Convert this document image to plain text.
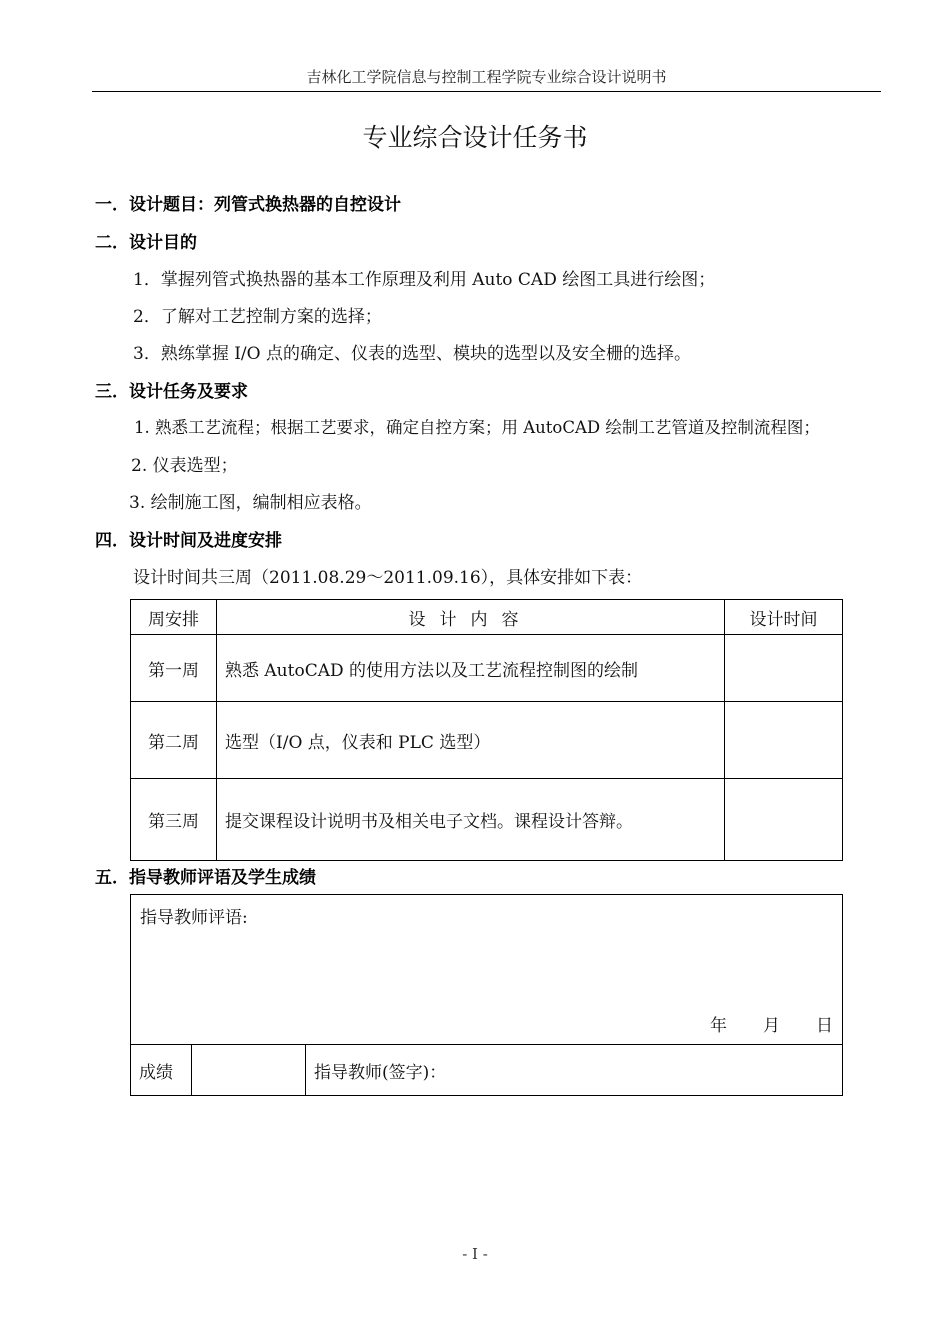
吉林化工学院信息与控制工程学院专业综合设计说明书
专业综合设计任务书
一．设计题目：列管式换热器的自控设计
二．设计目的
1．掌握列管式换热器的基本工作原理及利用 Auto CAD 绘图工具进行绘图；
2．了解对工艺控制方案的选择；
3．熟练掌握 I/O 点的确定、仪表的选型、模块的选型以及安全栅的选择。
三．设计任务及要求
1. 熟悉工艺流程；根据工艺要求，确定自控方案；用 AutoCAD 绘制工艺管道及控制流程图；
2. 仪表选型；
3. 绘制施工图，编制相应表格。
四．设计时间及进度安排
设计时间共三周（2011.08.29～2011.09.16），具体安排如下表：
周安排	设计内容	设计时间
第一周	熟悉 AutoCAD 的使用方法以及工艺流程控制图的绘制	
第二周	选型（I/O 点，仪表和 PLC 选型）	
第三周	提交课程设计说明书及相关电子文档。课程设计答辩。	
五．指导教师评语及学生成绩
指导教师评语:
年 月 日

成绩		指导教师(签字)：
- I -
